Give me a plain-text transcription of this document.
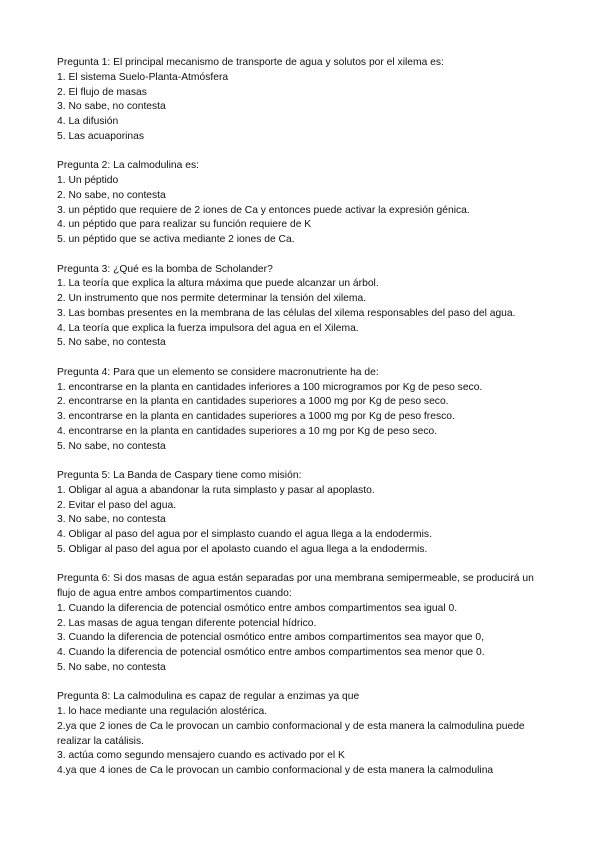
Pregunta 1: El principal mecanismo de transporte de agua y solutos por el xilema es:
1. El sistema Suelo-Planta-Atmósfera
2. El flujo de masas
3. No sabe, no contesta
4. La difusión
5. Las acuaporinas
Pregunta 2: La calmodulina es:
1. Un péptido
2. No sabe, no contesta
3. un péptido que requiere de 2 iones de Ca y entonces puede activar la expresión génica.
4. un péptido que para realizar su función requiere de K
5. un péptido que se activa mediante 2 iones de Ca.
Pregunta 3: ¿Qué es la bomba de Scholander?
1. La teoría que explica la altura máxima que puede alcanzar un árbol.
2. Un instrumento que nos permite determinar la tensión del xilema.
3. Las bombas presentes en la membrana de las células del xilema responsables del paso del agua.
4. La teoría que explica la fuerza impulsora del agua en el Xilema.
5. No sabe, no contesta
Pregunta 4: Para que un elemento se considere macronutriente ha de:
1. encontrarse en la planta en cantidades inferiores a 100 microgramos por Kg de peso seco.
2. encontrarse en la planta en cantidades superiores a 1000 mg por Kg de peso seco.
3. encontrarse en la planta en cantidades superiores a 1000 mg por Kg de peso fresco.
4. encontrarse en la planta en cantidades superiores a 10 mg por Kg de peso seco.
5. No sabe, no contesta
Pregunta 5: La Banda de Caspary tiene como misión:
1. Obligar al agua a abandonar la ruta simplasto y pasar al apoplasto.
2. Evitar el paso del agua.
3. No sabe, no contesta
4. Obligar al paso del agua por el simplasto cuando el agua llega a la endodermis.
5. Obligar al paso del agua por el apolasto cuando el agua llega a la endodermis.
Pregunta 6: Si dos masas de agua están separadas por una membrana semipermeable, se producirá un flujo de agua entre ambos compartimentos cuando:
1. Cuando la diferencia de potencial osmótico entre ambos compartimentos sea igual 0.
2. Las masas de agua tengan diferente potencial hídrico.
3. Cuando la diferencia de potencial osmótico entre ambos compartimentos sea mayor que 0,
4. Cuando la diferencia de potencial osmótico entre ambos compartimentos sea menor que 0.
5. No sabe, no contesta
Pregunta 8: La calmodulina es capaz de regular a enzimas ya que
1. lo hace mediante una regulación alostérica.
2.ya que 2 iones de Ca le provocan un cambio conformacional y de esta manera la calmodulina puede realizar la catálisis.
3. actúa como segundo mensajero cuando es activado por el K
4.ya que 4 iones de Ca le provocan un cambio conformacional y de esta manera la calmodulina
